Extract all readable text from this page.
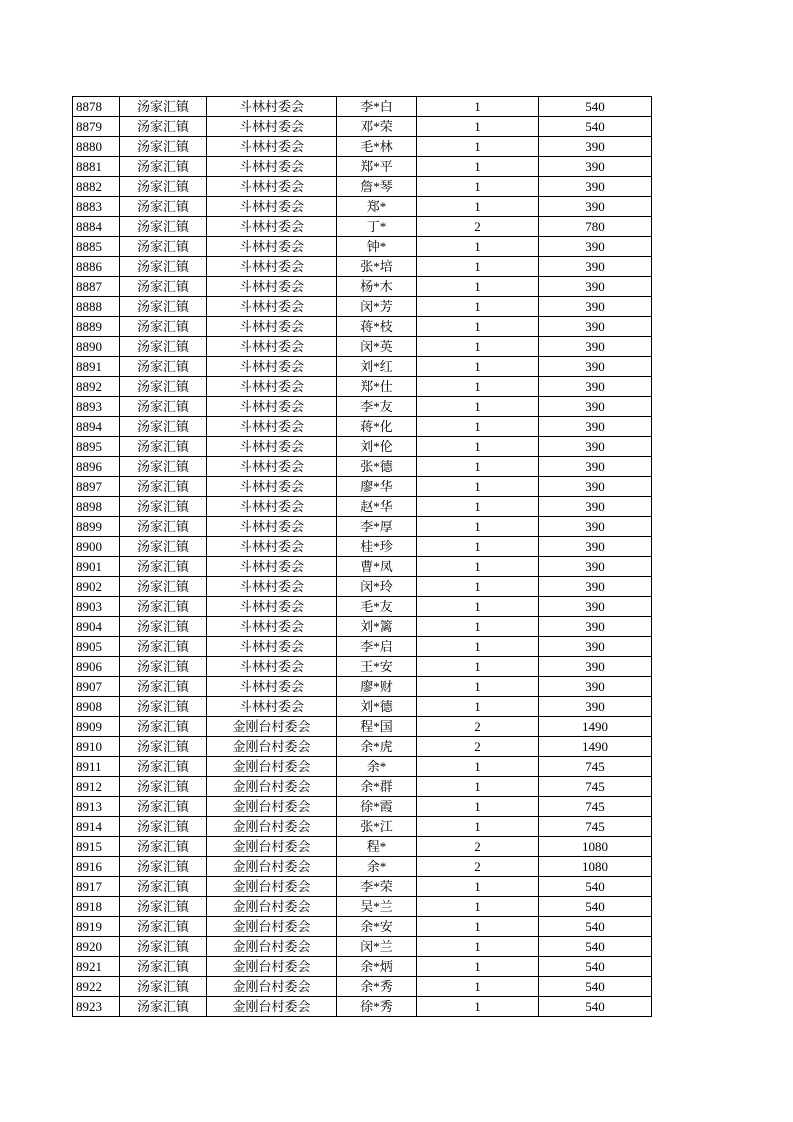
8878	汤家汇镇	斗林村委会	李*白	1	540
8879	汤家汇镇	斗林村委会	邓*荣	1	540
8880	汤家汇镇	斗林村委会	毛*林	1	390
8881	汤家汇镇	斗林村委会	郑*平	1	390
8882	汤家汇镇	斗林村委会	詹*琴	1	390
8883	汤家汇镇	斗林村委会	郑*	1	390
8884	汤家汇镇	斗林村委会	丁*	2	780
8885	汤家汇镇	斗林村委会	钟*	1	390
8886	汤家汇镇	斗林村委会	张*培	1	390
8887	汤家汇镇	斗林村委会	杨*木	1	390
8888	汤家汇镇	斗林村委会	闵*芳	1	390
8889	汤家汇镇	斗林村委会	蒋*枝	1	390
8890	汤家汇镇	斗林村委会	闵*英	1	390
8891	汤家汇镇	斗林村委会	刘*红	1	390
8892	汤家汇镇	斗林村委会	郑*仕	1	390
8893	汤家汇镇	斗林村委会	李*友	1	390
8894	汤家汇镇	斗林村委会	蒋*化	1	390
8895	汤家汇镇	斗林村委会	刘*伦	1	390
8896	汤家汇镇	斗林村委会	张*德	1	390
8897	汤家汇镇	斗林村委会	廖*华	1	390
8898	汤家汇镇	斗林村委会	赵*华	1	390
8899	汤家汇镇	斗林村委会	李*厚	1	390
8900	汤家汇镇	斗林村委会	桂*珍	1	390
8901	汤家汇镇	斗林村委会	曹*凤	1	390
8902	汤家汇镇	斗林村委会	闵*玲	1	390
8903	汤家汇镇	斗林村委会	毛*友	1	390
8904	汤家汇镇	斗林村委会	刘*篱	1	390
8905	汤家汇镇	斗林村委会	李*启	1	390
8906	汤家汇镇	斗林村委会	王*安	1	390
8907	汤家汇镇	斗林村委会	廖*财	1	390
8908	汤家汇镇	斗林村委会	刘*德	1	390
8909	汤家汇镇	金刚台村委会	程*国	2	1490
8910	汤家汇镇	金刚台村委会	余*虎	2	1490
8911	汤家汇镇	金刚台村委会	余*	1	745
8912	汤家汇镇	金刚台村委会	余*群	1	745
8913	汤家汇镇	金刚台村委会	徐*霞	1	745
8914	汤家汇镇	金刚台村委会	张*江	1	745
8915	汤家汇镇	金刚台村委会	程*	2	1080
8916	汤家汇镇	金刚台村委会	余*	2	1080
8917	汤家汇镇	金刚台村委会	李*荣	1	540
8918	汤家汇镇	金刚台村委会	吴*兰	1	540
8919	汤家汇镇	金刚台村委会	余*安	1	540
8920	汤家汇镇	金刚台村委会	闵*兰	1	540
8921	汤家汇镇	金刚台村委会	余*炳	1	540
8922	汤家汇镇	金刚台村委会	余*秀	1	540
8923	汤家汇镇	金刚台村委会	徐*秀	1	540
